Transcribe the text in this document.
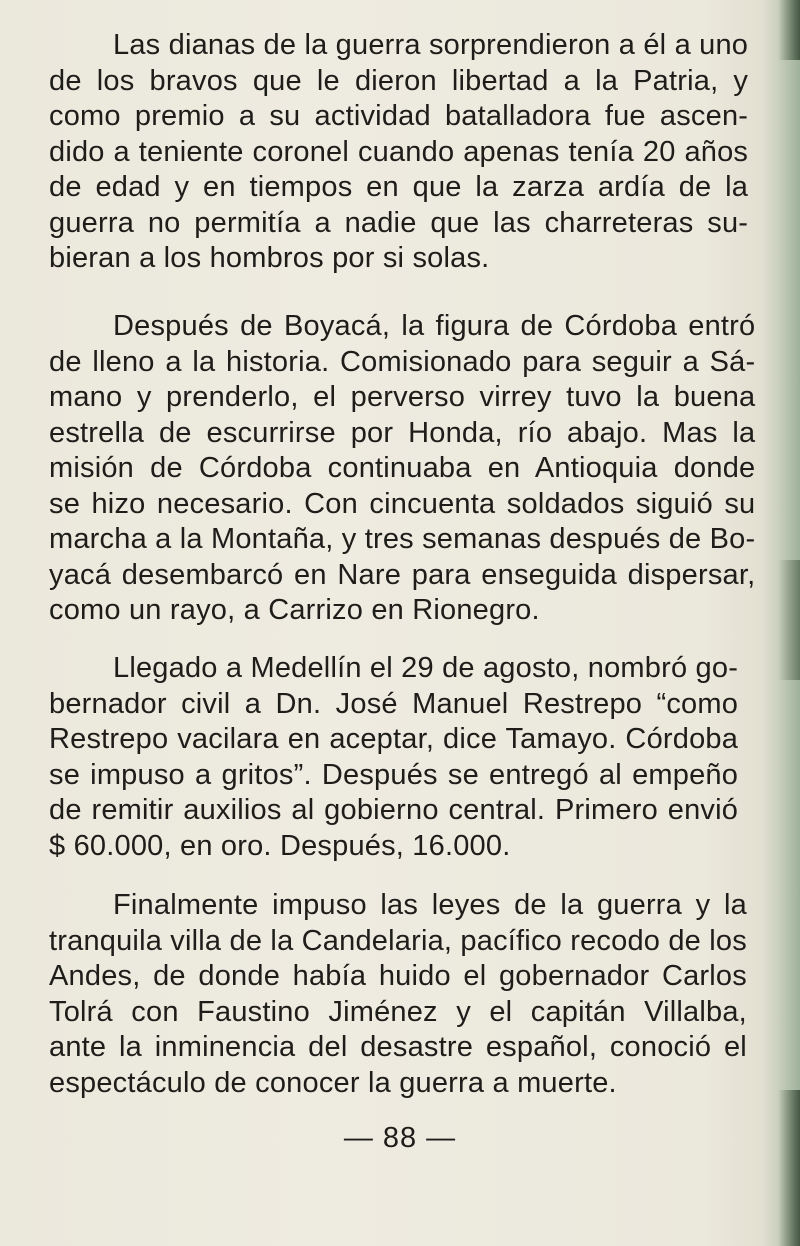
Las dianas de la guerra sorprendieron a él a uno
de los bravos que le dieron libertad a la Patria, y
como premio a su actividad batalladora fue ascen-
dido a teniente coronel cuando apenas tenía 20 años
de edad y en tiempos en que la zarza ardía de la
guerra no permitía a nadie que las charreteras su-
bieran a los hombros por si solas.

Después de Boyacá, la figura de Córdoba entró
de lleno a la historia. Comisionado para seguir a Sá-
mano y prenderlo, el perverso virrey tuvo la buena
estrella de escurrirse por Honda, río abajo. Mas la
misión de Córdoba continuaba en Antioquia donde
se hizo necesario. Con cincuenta soldados siguió su
marcha a la Montaña, y tres semanas después de Bo-
yacá desembarcó en Nare para enseguida dispersar,
como un rayo, a Carrizo en Rionegro.

Llegado a Medellín el 29 de agosto, nombró go-
bernador civil a Dn. José Manuel Restrepo “como
Restrepo vacilara en aceptar, dice Tamayo. Córdoba
se impuso a gritos”. Después se entregó al empeño
de remitir auxilios al gobierno central. Primero envió
$ 60.000, en oro. Después, 16.000.

Finalmente impuso las leyes de la guerra y la
tranquila villa de la Candelaria, pacífico recodo de los
Andes, de donde había huido el gobernador Carlos
Tolrá con Faustino Jiménez y el capitán Villalba,
ante la inminencia del desastre español, conoció el
espectáculo de conocer la guerra a muerte.

— 88 —
